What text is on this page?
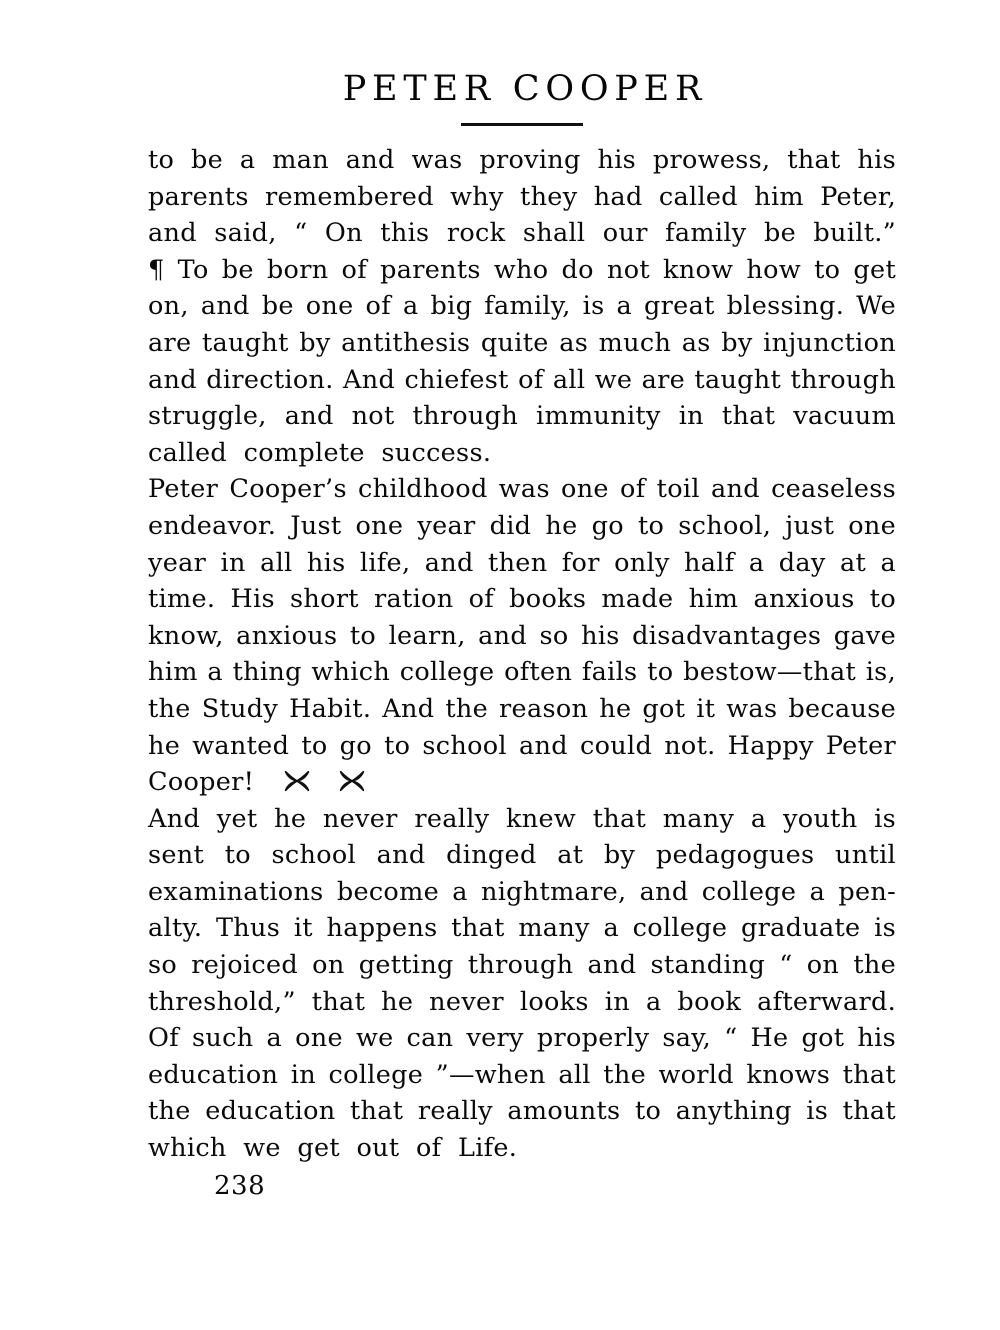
PETER COOPER
to be a man and was proving his prowess, that his
parents remembered why they had called him Peter,
and said, “ On this rock shall our family be built.”
¶ To be born of parents who do not know how to get
on, and be one of a big family, is a great blessing. We
are taught by antithesis quite as much as by injunction
and direction. And chiefest of all we are taught through
struggle, and not through immunity in that vacuum
called complete success.
Peter Cooper’s childhood was one of toil and ceaseless
endeavor. Just one year did he go to school, just one
year in all his life, and then for only half a day at a
time. His short ration of books made him anxious to
know, anxious to learn, and so his disadvantages gave
him a thing which college often fails to bestow—that is,
the Study Habit. And the reason he got it was because
he wanted to go to school and could not. Happy Peter
Cooper!

And yet he never really knew that many a youth is
sent to school and dinged at by pedagogues until
examinations become a nightmare, and college a pen-
alty. Thus it happens that many a college graduate is
so rejoiced on getting through and standing “ on the
threshold,” that he never looks in a book afterward.
Of such a one we can very properly say, “ He got his
education in college ”—when all the world knows that
the education that really amounts to anything is that
which we get out of Life.
238
